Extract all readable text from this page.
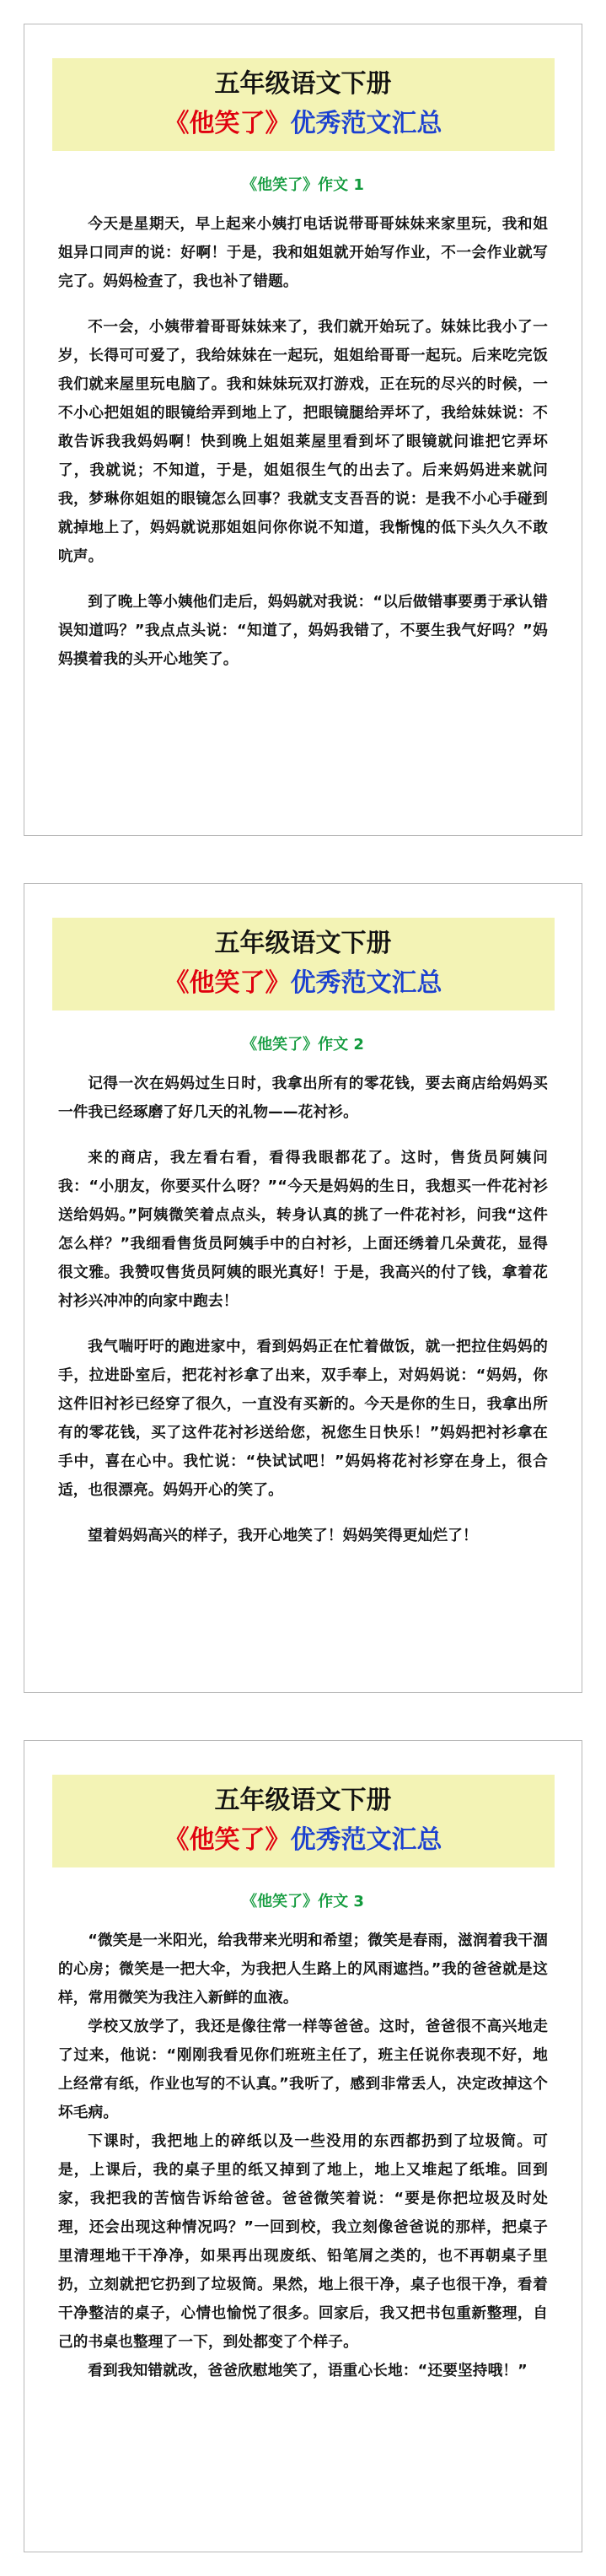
五年级语文下册
《他笑了》优秀范文汇总
《他笑了》作文 1

今天是星期天，早上起来小姨打电话说带哥哥妹妹来家里玩，我和姐姐异口同声的说：好啊！于是，我和姐姐就开始写作业，不一会作业就写完了。妈妈检查了，我也补了错题。

不一会，小姨带着哥哥妹妹来了，我们就开始玩了。妹妹比我小了一岁，长得可可爱了，我给妹妹在一起玩，姐姐给哥哥一起玩。后来吃完饭我们就来屋里玩电脑了。我和妹妹玩双打游戏，正在玩的尽兴的时候，一不小心把姐姐的眼镜给弄到地上了，把眼镜腿给弄坏了，我给妹妹说：不敢告诉我我妈妈啊！快到晚上姐姐莱屋里看到坏了眼镜就问谁把它弄坏了，我就说；不知道，于是，姐姐很生气的出去了。后来妈妈进来就问我，梦琳你姐姐的眼镜怎么回事？我就支支吾吾的说：是我不小心手碰到就掉地上了，妈妈就说那姐姐问你你说不知道，我惭愧的低下头久久不敢吭声。

到了晚上等小姨他们走后，妈妈就对我说：“以后做错事要勇于承认错误知道吗？”我点点头说：“知道了，妈妈我错了，不要生我气好吗？”妈妈摸着我的头开心地笑了。

五年级语文下册
《他笑了》优秀范文汇总
《他笑了》作文 2

记得一次在妈妈过生日时，我拿出所有的零花钱，要去商店给妈妈买一件我已经琢磨了好几天的礼物——花衬衫。

来的商店，我左看右看，看得我眼都花了。这时，售货员阿姨问我：“小朋友，你要买什么呀？”“今天是妈妈的生日，我想买一件花衬衫送给妈妈。”阿姨微笑着点点头，转身认真的挑了一件花衬衫，问我“这件怎么样？”我细看售货员阿姨手中的白衬衫，上面还绣着几朵黄花，显得很文雅。我赞叹售货员阿姨的眼光真好！于是，我高兴的付了钱，拿着花衬衫兴冲冲的向家中跑去！

我气喘吁吁的跑进家中，看到妈妈正在忙着做饭，就一把拉住妈妈的手，拉进卧室后，把花衬衫拿了出来，双手奉上，对妈妈说：“妈妈，你这件旧衬衫已经穿了很久，一直没有买新的。今天是你的生日，我拿出所有的零花钱，买了这件花衬衫送给您，祝您生日快乐！”妈妈把衬衫拿在手中，喜在心中。我忙说：“快试试吧！”妈妈将花衬衫穿在身上，很合适，也很漂亮。妈妈开心的笑了。

望着妈妈高兴的样子，我开心地笑了！妈妈笑得更灿烂了！

五年级语文下册
《他笑了》优秀范文汇总
《他笑了》作文 3

“微笑是一米阳光，给我带来光明和希望；微笑是春雨，滋润着我干涸的心房；微笑是一把大伞，为我把人生路上的风雨遮挡。”我的爸爸就是这样，常用微笑为我注入新鲜的血液。

学校又放学了，我还是像往常一样等爸爸。这时，爸爸很不高兴地走了过来，他说：“刚刚我看见你们班班主任了，班主任说你表现不好，地上经常有纸，作业也写的不认真。”我听了，感到非常丢人，决定改掉这个坏毛病。

下课时，我把地上的碎纸以及一些没用的东西都扔到了垃圾筒。可是，上课后，我的桌子里的纸又掉到了地上，地上又堆起了纸堆。回到家，我把我的苦恼告诉给爸爸。爸爸微笑着说：“要是你把垃圾及时处理，还会出现这种情况吗？”一回到校，我立刻像爸爸说的那样，把桌子里清理地干干净净，如果再出现废纸、铅笔屑之类的，也不再朝桌子里扔，立刻就把它扔到了垃圾筒。果然，地上很干净，桌子也很干净，看着干净整洁的桌子，心情也愉悦了很多。回家后，我又把书包重新整理，自己的书桌也整理了一下，到处都变了个样子。

看到我知错就改，爸爸欣慰地笑了，语重心长地：“还要坚持哦！”
